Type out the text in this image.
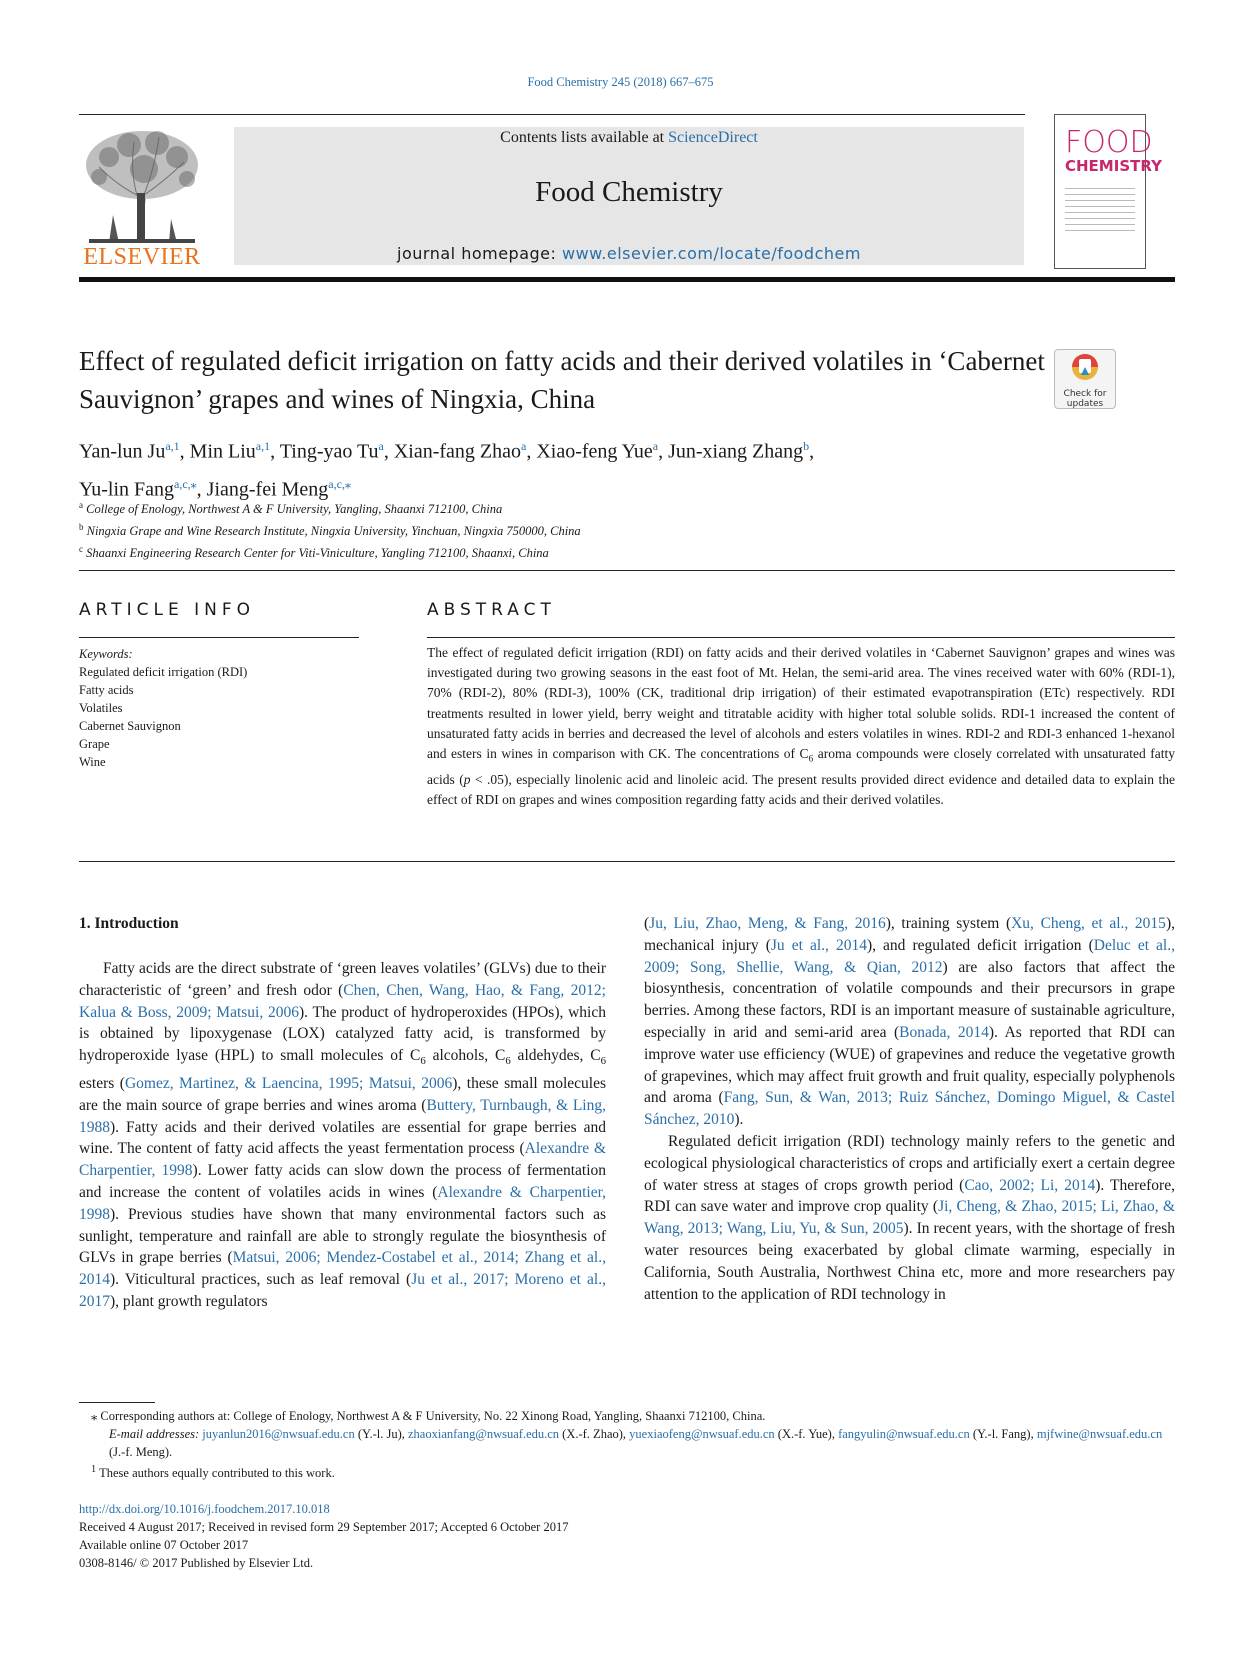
Food Chemistry 245 (2018) 667–675
ELSEVIER
Contents lists available at ScienceDirect
Food Chemistry
journal homepage: www.elsevier.com/locate/foodchem
FOOD
CHEMISTRY
Effect of regulated deficit irrigation on fatty acids and their derived volatiles in ‘Cabernet Sauvignon’ grapes and wines of Ningxia, China	Check for
updates
Yan-lun Ju$^{a,1}$, Min Liu$^{a,1}$, Ting-yao Tu$^a$, Xian-fang Zhao$^a$, Xiao-feng Yue$^a$, Jun-xiang Zhang$^b$,
Yu-lin Fang$^{a,c,⁎}$, Jiang-fei Meng$^{a,c,⁎}$
$^a$ College of Enology, Northwest A & F University, Yangling, Shaanxi 712100, China
$^b$ Ningxia Grape and Wine Research Institute, Ningxia University, Yinchuan, Ningxia 750000, China
$^c$ Shaanxi Engineering Research Center for Viti-Viniculture, Yangling 712100, Shaanxi, China
ARTICLE INFO	ABSTRACT
Keywords:
Regulated deficit irrigation (RDI)
Fatty acids
Volatiles
Cabernet Sauvignon
Grape
Wine
The effect of regulated deficit irrigation (RDI) on fatty acids and their derived volatiles in ‘Cabernet Sauvignon’ grapes and wines was investigated during two growing seasons in the east foot of Mt. Helan, the semi-arid area. The vines received water with 60% (RDI-1), 70% (RDI-2), 80% (RDI-3), 100% (CK, traditional drip irrigation) of their estimated evapotranspiration (ETc) respectively. RDI treatments resulted in lower yield, berry weight and titratable acidity with higher total soluble solids. RDI-1 increased the content of unsaturated fatty acids in berries and decreased the level of alcohols and esters volatiles in wines. RDI-2 and RDI-3 enhanced 1-hexanol and esters in wines in comparison with CK. The concentrations of $C_6$ aroma compounds were closely correlated with unsaturated fatty acids (p < .05), especially linolenic acid and linoleic acid. The present results provided direct evidence and detailed data to explain the effect of RDI on grapes and wines composition regarding fatty acids and their derived volatiles.
1. Introduction
Fatty acids are the direct substrate of ‘green leaves volatiles’ (GLVs) due to their characteristic of ‘green’ and fresh odor (Chen, Chen, Wang, Hao, & Fang, 2012; Kalua & Boss, 2009; Matsui, 2006). The product of hydroperoxides (HPOs), which is obtained by lipoxygenase (LOX) catalyzed fatty acid, is transformed by hydroperoxide lyase (HPL) to small molecules of $C_6$ alcohols, $C_6$ aldehydes, $C_6$ esters (Gomez, Martinez, & Laencina, 1995; Matsui, 2006), these small molecules are the main source of grape berries and wines aroma (Buttery, Turnbaugh, & Ling, 1988). Fatty acids and their derived volatiles are essential for grape berries and wine. The content of fatty acid affects the yeast fermentation process (Alexandre & Charpentier, 1998). Lower fatty acids can slow down the process of fermentation and increase the content of volatiles acids in wines (Alexandre & Charpentier, 1998). Previous studies have shown that many environmental factors such as sunlight, temperature and rainfall are able to strongly regulate the biosynthesis of GLVs in grape berries (Matsui, 2006; Mendez-Costabel et al., 2014; Zhang et al., 2014). Viticultural practices, such as leaf removal (Ju et al., 2017; Moreno et al., 2017), plant growth regulators

(Ju, Liu, Zhao, Meng, & Fang, 2016), training system (Xu, Cheng, et al., 2015), mechanical injury (Ju et al., 2014), and regulated deficit irrigation (Deluc et al., 2009; Song, Shellie, Wang, & Qian, 2012) are also factors that affect the biosynthesis, concentration of volatile compounds and their precursors in grape berries. Among these factors, RDI is an important measure of sustainable agriculture, especially in arid and semi-arid area (Bonada, 2014). As reported that RDI can improve water use efficiency (WUE) of grapevines and reduce the vegetative growth of grapevines, which may affect fruit growth and fruit quality, especially polyphenols and aroma (Fang, Sun, & Wan, 2013; Ruiz Sánchez, Domingo Miguel, & Castel Sánchez, 2010).

Regulated deficit irrigation (RDI) technology mainly refers to the genetic and ecological physiological characteristics of crops and artificially exert a certain degree of water stress at stages of crops growth period (Cao, 2002; Li, 2014). Therefore, RDI can save water and improve crop quality (Ji, Cheng, & Zhao, 2015; Li, Zhao, & Wang, 2013; Wang, Liu, Yu, & Sun, 2005). In recent years, with the shortage of fresh water resources being exacerbated by global climate warming, especially in California, South Australia, Northwest China etc, more and more researchers pay attention to the application of RDI technology in

⁎ Corresponding authors at: College of Enology, Northwest A & F University, No. 22 Xinong Road, Yangling, Shaanxi 712100, China.
E-mail addresses: juyanlun2016@nwsuaf.edu.cn (Y.-l. Ju), zhaoxianfang@nwsuaf.edu.cn (X.-f. Zhao), yuexiaofeng@nwsuaf.edu.cn (X.-f. Yue), fangyulin@nwsuaf.edu.cn (Y.-l. Fang), mjfwine@nwsuaf.edu.cn (J.-f. Meng).
$^1$ These authors equally contributed to this work.
http://dx.doi.org/10.1016/j.foodchem.2017.10.018
Received 4 August 2017; Received in revised form 29 September 2017; Accepted 6 October 2017
Available online 07 October 2017
0308-8146/ © 2017 Published by Elsevier Ltd.
